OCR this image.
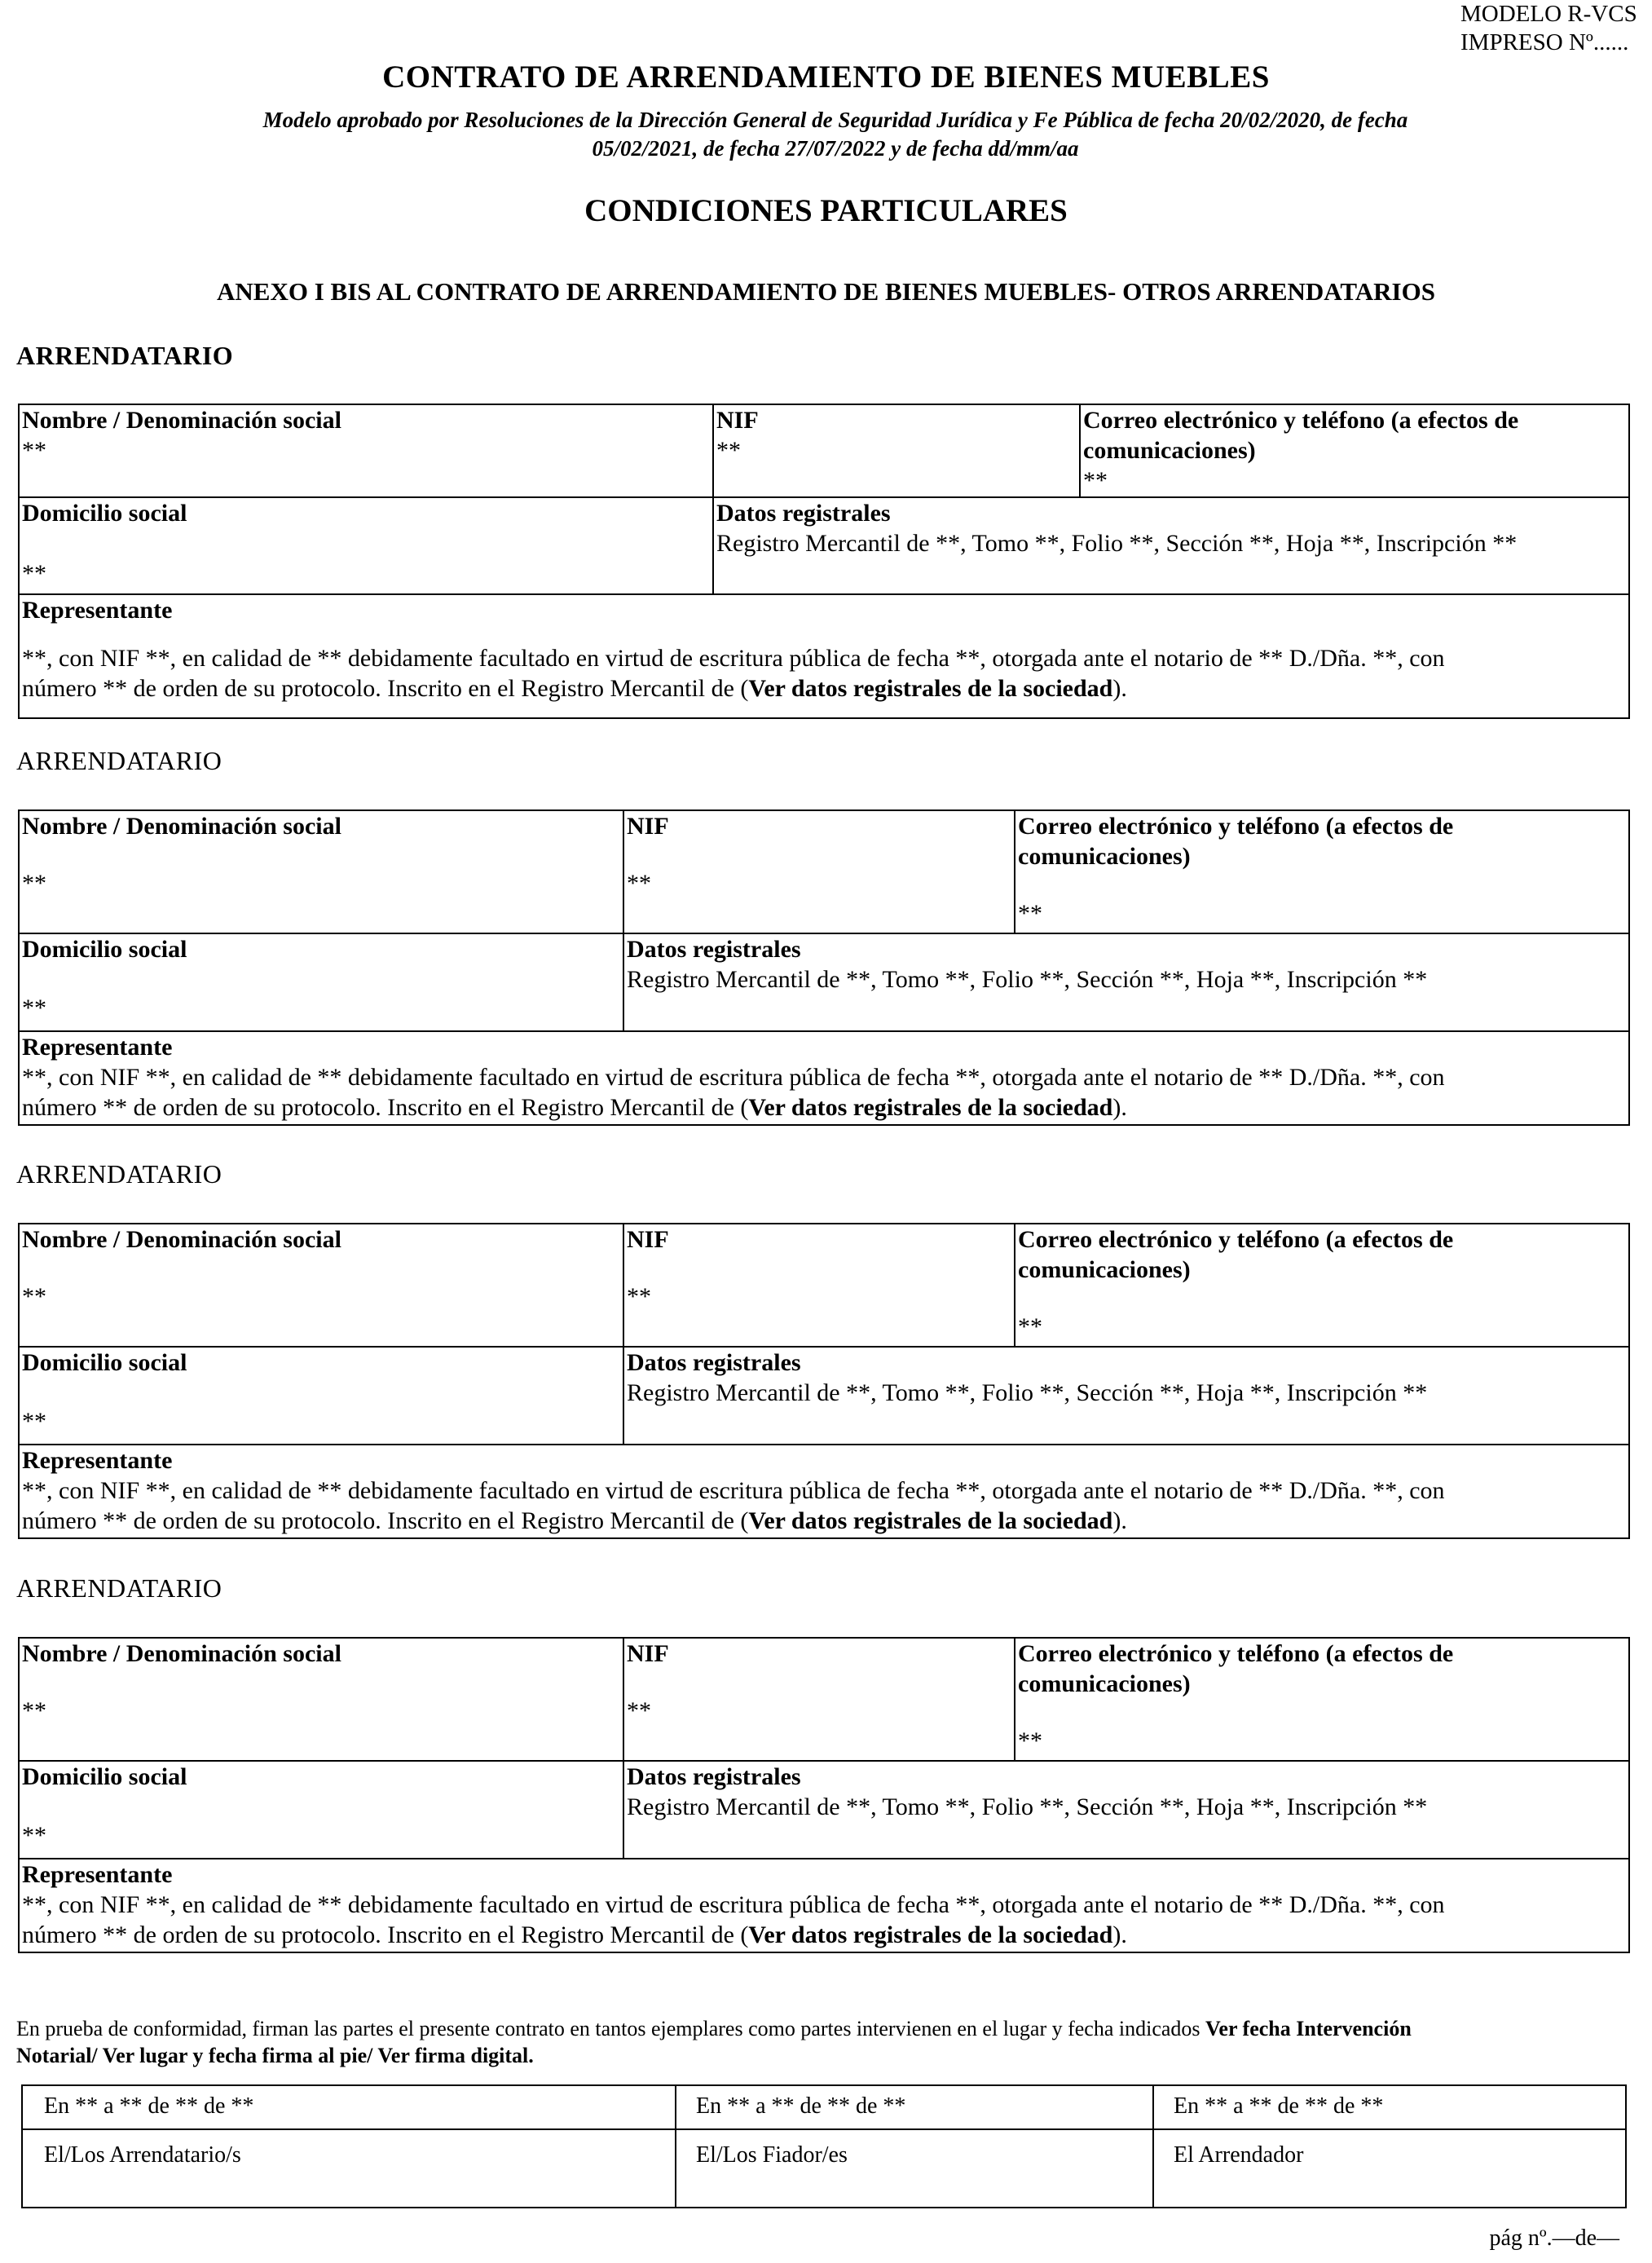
MODELO R-VCS
IMPRESO Nº......
CONTRATO DE ARRENDAMIENTO DE BIENES MUEBLES
Modelo aprobado por Resoluciones de la Dirección General de Seguridad Jurídica y Fe Pública de fecha 20/02/2020, de fecha
05/02/2021, de fecha 27/07/2022 y de fecha dd/mm/aa
CONDICIONES PARTICULARES
ANEXO I BIS AL CONTRATO DE ARRENDAMIENTO DE BIENES MUEBLES- OTROS ARRENDATARIOS
ARRENDATARIO
Nombre / Denominación social
**
NIF
**
Correo electrónico y teléfono (a efectos de
comunicaciones)
**
Domicilio social
**
Datos registrales
Registro Mercantil de **, Tomo **, Folio **, Sección **, Hoja **, Inscripción **
Representante
**, con NIF **, en calidad de ** debidamente facultado en virtud de escritura pública de fecha **, otorgada ante el notario de ** D./Dña. **, con
número ** de orden de su protocolo. Inscrito en el Registro Mercantil de (Ver datos registrales de la sociedad).
ARRENDATARIO
Nombre / Denominación social
**
NIF
**
Correo electrónico y teléfono (a efectos de
comunicaciones)
**
Domicilio social
**
Datos registrales
Registro Mercantil de **, Tomo **, Folio **, Sección **, Hoja **, Inscripción **
Representante
**, con NIF **, en calidad de ** debidamente facultado en virtud de escritura pública de fecha **, otorgada ante el notario de ** D./Dña. **, con
número ** de orden de su protocolo. Inscrito en el Registro Mercantil de (Ver datos registrales de la sociedad).
ARRENDATARIO
Nombre / Denominación social
**
NIF
**
Correo electrónico y teléfono (a efectos de
comunicaciones)
**
Domicilio social
**
Datos registrales
Registro Mercantil de **, Tomo **, Folio **, Sección **, Hoja **, Inscripción **
Representante
**, con NIF **, en calidad de ** debidamente facultado en virtud de escritura pública de fecha **, otorgada ante el notario de ** D./Dña. **, con
número ** de orden de su protocolo. Inscrito en el Registro Mercantil de (Ver datos registrales de la sociedad).
ARRENDATARIO
Nombre / Denominación social
**
NIF
**
Correo electrónico y teléfono (a efectos de
comunicaciones)
**
Domicilio social
**
Datos registrales
Registro Mercantil de **, Tomo **, Folio **, Sección **, Hoja **, Inscripción **
Representante
**, con NIF **, en calidad de ** debidamente facultado en virtud de escritura pública de fecha **, otorgada ante el notario de ** D./Dña. **, con
número ** de orden de su protocolo. Inscrito en el Registro Mercantil de (Ver datos registrales de la sociedad).
En prueba de conformidad, firman las partes el presente contrato en tantos ejemplares como partes intervienen en el lugar y fecha indicados Ver fecha Intervención
Notarial/ Ver lugar y fecha firma al pie/ Ver firma digital.
En ** a ** de ** de **	En ** a ** de ** de **	En ** a ** de ** de **
El/Los Arrendatario/s	El/Los Fiador/es	El Arrendador
pág nº.—de—
